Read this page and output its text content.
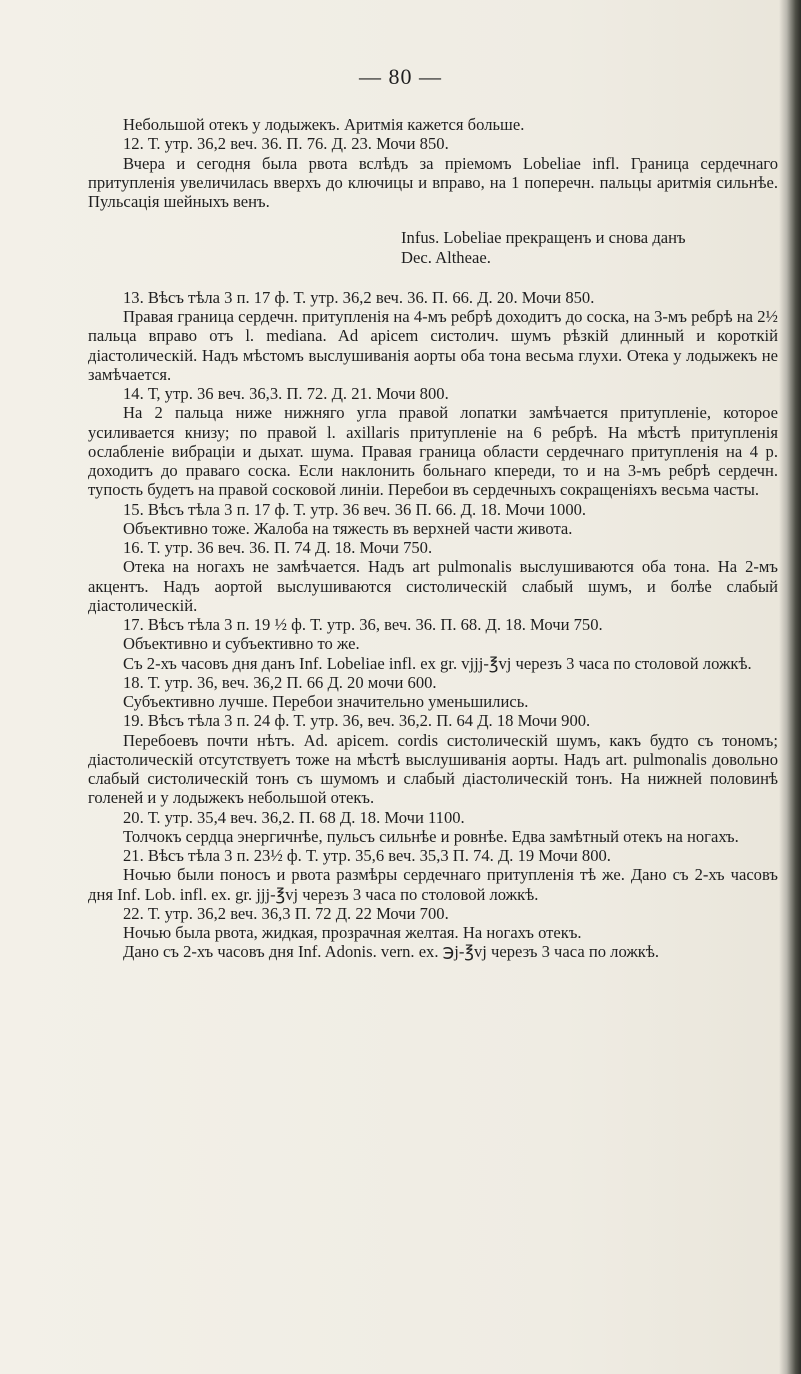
— 80 —

Небольшой отекъ у лодыжекъ. Аритмія кажется больше.

12. Т. утр. 36,2 веч. 36. П. 76. Д. 23. Мочи 850.

Вчера и сегодня была рвота вслѣдъ за пріемомъ Lobeliae infl. Граница сердечнаго притупленія увеличилась вверхъ до ключицы и вправо, на 1 поперечн. пальцы аритмія сильнѣе. Пульсація шейныхъ венъ.

Infus. Lobeliae прекращенъ и снова данъ
Dec. Altheae.

13. Вѣсъ тѣла 3 п. 17 ф. Т. утр. 36,2 веч. 36. П. 66. Д. 20. Мочи 850.

Правая граница сердечн. притупленія на 4-мъ ребрѣ доходитъ до соска, на 3-мъ ребрѣ на 2½ пальца вправо отъ l. mediana. Ad apicem систолич. шумъ рѣзкій длинный и короткій діастолическій. Надъ мѣстомъ выслушиванія аорты оба тона весьма глухи. Отека у лодыжекъ не замѣчается.

14. Т, утр. 36 веч. 36,3. П. 72. Д. 21. Мочи 800.

На 2 пальца ниже нижняго угла правой лопатки замѣчается притупленіе, которое усиливается книзу; по правой l. axillaris притупленіе на 6 ребрѣ. На мѣстѣ притупленія ослабленіе вибраціи и дыхат. шума. Правая граница области сердечнаго притупленія на 4 р. доходитъ до праваго соска. Если наклонить больнаго кпереди, то и на 3-мъ ребрѣ сердечн. тупость будетъ на правой сосковой линіи. Перебои въ сердечныхъ сокращеніяхъ весьма часты.

15. Вѣсъ тѣла 3 п. 17 ф. Т. утр. 36 веч. 36 П. 66. Д. 18. Мочи 1000.

Объективно тоже. Жалоба на тяжесть въ верхней части живота.

16. Т. утр. 36 веч. 36. П. 74 Д. 18. Мочи 750.

Отека на ногахъ не замѣчается. Надъ art pulmonalis выслушиваются оба тона. На 2-мъ акцентъ. Надъ аортой выслушиваются систолическій слабый шумъ, и болѣе слабый діастолическій.

17. Вѣсъ тѣла 3 п. 19 ½ ф. Т. утр. 36, веч. 36. П. 68. Д. 18. Мочи 750.

Объективно и субъективно то же.

Съ 2-хъ часовъ дня данъ Inf. Lobeliae infl. ex gr. vjjj-℥vj черезъ 3 часа по столовой ложкѣ.

18. Т. утр. 36, веч. 36,2 П. 66 Д. 20 мочи 600.

Субъективно лучше. Перебои значительно уменьшились.

19. Вѣсъ тѣла 3 п. 24 ф. Т. утр. 36, веч. 36,2. П. 64 Д. 18 Мочи 900.

Перебоевъ почти нѣтъ. Ad. apicem. cordis систолическій шумъ, какъ будто съ тономъ; діастолическій отсутствуетъ тоже на мѣстѣ выслушиванія аорты. Надъ art. pulmonalis довольно слабый систолическій тонъ съ шумомъ и слабый діастолическій тонъ. На нижней половинѣ голеней и у лодыжекъ небольшой отекъ.

20. Т. утр. 35,4 веч. 36,2. П. 68 Д. 18. Мочи 1100.

Толчокъ сердца энергичнѣе, пульсъ сильнѣе и ровнѣе. Едва замѣтный отекъ на ногахъ.

21. Вѣсъ тѣла 3 п. 23½ ф. Т. утр. 35,6 веч. 35,3 П. 74. Д. 19 Мочи 800.

Ночью были поносъ и рвота размѣры сердечнаго притупленія тѣ же. Дано съ 2-хъ часовъ дня Inf. Lob. infl. ex. gr. jjj-℥vj черезъ 3 часа по столовой ложкѣ.

22. Т. утр. 36,2 веч. 36,3 П. 72 Д. 22 Мочи 700.

Ночью была рвота, жидкая, прозрачная желтая. На ногахъ отекъ.

Дано съ 2-хъ часовъ дня Inf. Adonis. vern. ex. ℈j-℥vj черезъ 3 часа по ложкѣ.
